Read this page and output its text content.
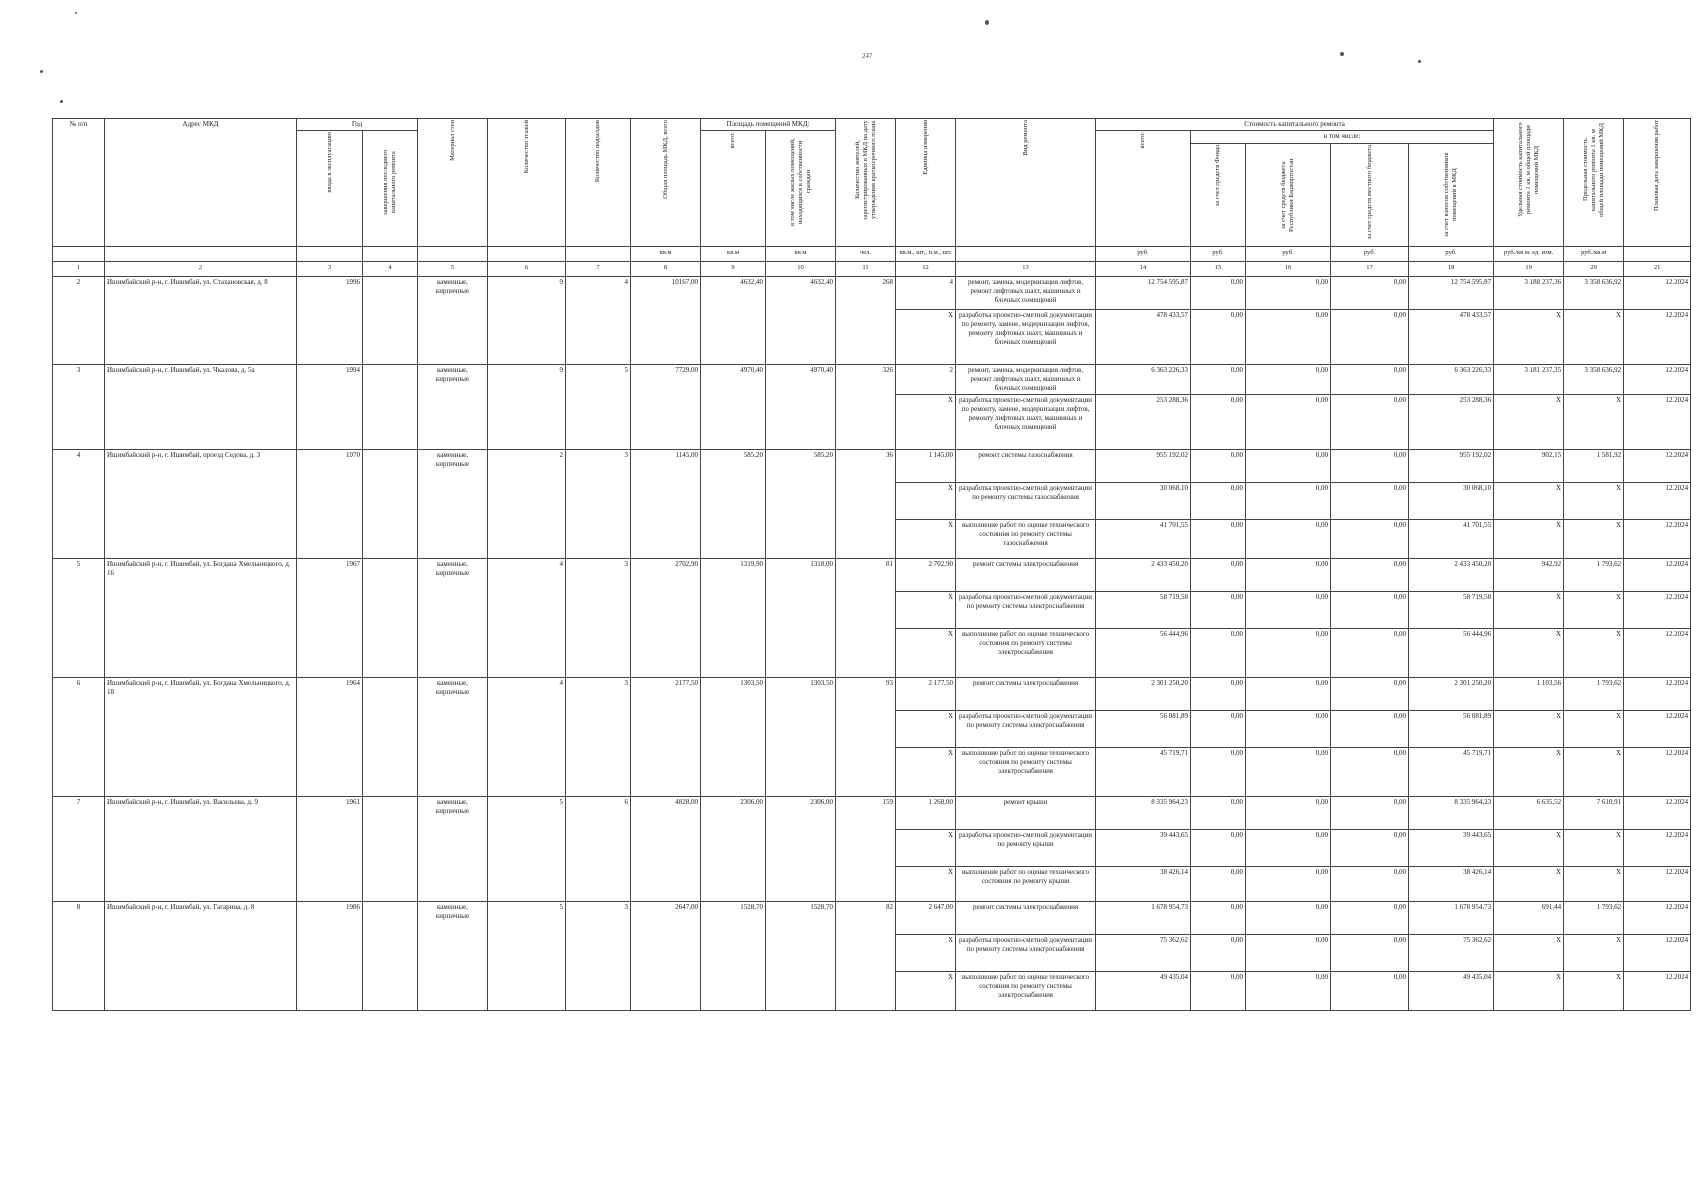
247
№ п/п	Адрес МКД	Год		Материал стен	Количество этажей	Количество подъездов	Общая площадь МКД, всего	Площадь помещений МКД:		Количество жителей, зарегистрированных в МКД на дату утверждения краткосрочного плана	Единица измерения	Вид ремонта	Стоимость капитального ремонта					Удельная стоимость капитального ремонта 1 кв. м общей площади помещений МКД	Предельная стоимость капитального ремонта 1 кв. м общей площади помещений МКД	Плановая дата завершения работ

		ввода в эксплуатацию	завершения последнего капитального ремонта					всего:	в том числе жилых помещений, находящихся в собственности граждан				всего:	в том числе:						

														за счет средств Фонда	за счет средств бюджета Республики Башкортостан	за счет средств местного бюджета	за счет взносов собственников помещений в МКД			

							кв.м	кв.м	кв.м	чел.	кв.м., шт., п.м., шт.		руб.	руб.	руб.	руб.	руб.	руб./кв.м. ед. изм.	руб./кв.м	
1	2	3	4	5	6	7	8	9	10	11	12	13	14	15	16	17	18	19	20	21
2	Ишимбайский р-н, г. Ишимбай, ул. Стахановская, д. 8	1996		каменные, кирпичные	9	4	10167,00	4632,40	4632,40	268	4	ремонт, замена, модернизация лифтов, ремонт лифтовых шахт, машинных и блочных помещений	12 754 595,87	0,00	0,00	0,00	12 754 595,87	3 188 237,36	3 358 636,92	12.2024
											X	разработка проектно-сметной документации по ремонту, замене, модернизации лифтов, ремонту лифтовых шахт, машинных и блочных помещений	478 433,57	0,00	0,00	0,00	478 433,57	X	X	12.2024
3	Ишимбайский р-н, г. Ишимбай, ул. Чкалова, д. 5а	1994		каменные, кирпичные	9	5	7729,00	4970,40	4970,40	326	2	ремонт, замена, модернизация лифтов, ремонт лифтовых шахт, машинных и блочных помещений	6 363 226,33	0,00	0,00	0,00	6 363 226,33	3 181 237,35	3 358 636,92	12.2024
											X	разработка проектно-сметной документации по ремонту, замене, модернизации лифтов, ремонту лифтовых шахт, машинных и блочных помещений	253 288,36	0,00	0,00	0,00	253 288,36	X	X	12.2024
4	Ишимбайский р-н, г. Ишимбай, проезд Седова, д. 3	1970		каменные, кирпичные	2	3	1145,00	585,20	585,20	36	1 145,00	ремонт системы газоснабжения	955 192,02	0,00	0,00	0,00	955 192,02	902,15	1 581,92	12.2024
											X	разработка проектно-сметной документации по ремонту системы газоснабжения	30 068,10	0,00	0,00	0,00	30 068,10	X	X	12.2024
											X	выполнение работ по оценке технического состояния по ремонту системы газоснабжения	41 701,55	0,00	0,00	0,00	41 701,55	X	X	12.2024
5	Ишимбайский р-н, г. Ишимбай, ул. Богдана Хмельницкого, д. 16	1967		каменные, кирпичные	4	3	2702,90	1319,90	1318,00	81	2 702,90	ремонт системы электроснабжения	2 433 450,20	0,00	0,00	0,00	2 433 450,20	942,92	1 793,62	12.2024
											X	разработка проектно-сметной документации по ремонту системы электроснабжения	58 719,58	0,00	0,00	0,00	58 719,58	X	X	12.2024
											X	выполнение работ по оценке технического состояния по ремонту системы электроснабжения	56 444,96	0,00	0,00	0,00	56 444,96	X	X	12.2024
6	Ишимбайский р-н, г. Ишимбай, ул. Богдана Хмельницкого, д. 18	1964		каменные, кирпичные	4	3	2177,50	1303,50	1303,50	93	2 177,50	ремонт системы электроснабжения	2 301 250,20	0,00	0,00	0,00	2 301 250,20	1 103,56	1 793,62	12.2024
											X	разработка проектно-сметной документации по ремонту системы электроснабжения	56 081,89	0,00	0,00	0,00	56 081,89	X	X	12.2024
											X	выполнение работ по оценке технического состояния по ремонту системы электроснабжения	45 719,71	0,00	0,00	0,00	45 719,71	X	X	12.2024
7	Ишимбайский р-н, г. Ишимбай, ул. Васильева, д. 9	1961		каменные, кирпичные	5	6	4828,00	2306,00	2306,00	159	1 268,00	ремонт крыши	8 335 964,23	0,00	0,00	0,00	8 335 964,23	6 635,52	7 610,91	12.2024
											X	разработка проектно-сметной документации по ремонту крыши	39 443,65	0,00	0,00	0,00	39 443,65	X	X	12.2024
											X	выполнение работ по оценке технического состояния по ремонту крыши	38 426,14	0,00	0,00	0,00	38 426,14	X	X	12.2024
8	Ишимбайский р-н, г. Ишимбай, ул. Гагарина, д. 8	1986		каменные, кирпичные	5	3	2647,00	1528,70	1528,70	82	2 647,00	ремонт системы электроснабжения	1 678 954,73	0,00	0,00	0,00	1 678 954,73	691,44	1 793,62	12.2024
											X	разработка проектно-сметной документации по ремонту системы электроснабжения	75 362,62	0,00	0,00	0,00	75 362,62	X	X	12.2024
											X	выполнение работ по оценке технического состояния по ремонту системы электроснабжения	49 435,04	0,00	0,00	0,00	49 435,04	X	X	12.2024
